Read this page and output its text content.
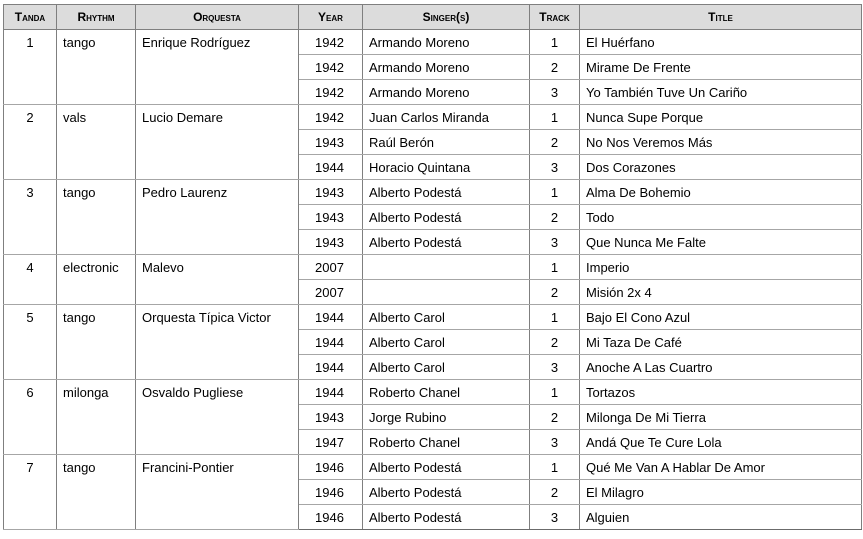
Tanda	Rhythm	Orquesta	Year	Singer(s)	Track	Title
1	tango	Enrique Rodríguez	1942	Armando Moreno	1	El Huérfano
			1942	Armando Moreno	2	Mirame De Frente
			1942	Armando Moreno	3	Yo También Tuve Un Cariño
2	vals	Lucio Demare	1942	Juan Carlos Miranda	1	Nunca Supe Porque
			1943	Raúl Berón	2	No Nos Veremos Más
			1944	Horacio Quintana	3	Dos Corazones
3	tango	Pedro Laurenz	1943	Alberto Podestá	1	Alma De Bohemio
			1943	Alberto Podestá	2	Todo
			1943	Alberto Podestá	3	Que Nunca Me Falte
4	electronic	Malevo	2007		1	Imperio
			2007		2	Misión 2x 4
5	tango	Orquesta Típica Victor	1944	Alberto Carol	1	Bajo El Cono Azul
			1944	Alberto Carol	2	Mi Taza De Café
			1944	Alberto Carol	3	Anoche A Las Cuartro
6	milonga	Osvaldo Pugliese	1944	Roberto Chanel	1	Tortazos
			1943	Jorge Rubino	2	Milonga De Mi Tierra
			1947	Roberto Chanel	3	Andá Que Te Cure Lola
7	tango	Francini-Pontier	1946	Alberto Podestá	1	Qué Me Van A Hablar De Amor
			1946	Alberto Podestá	2	El Milagro
			1946	Alberto Podestá	3	Alguien
